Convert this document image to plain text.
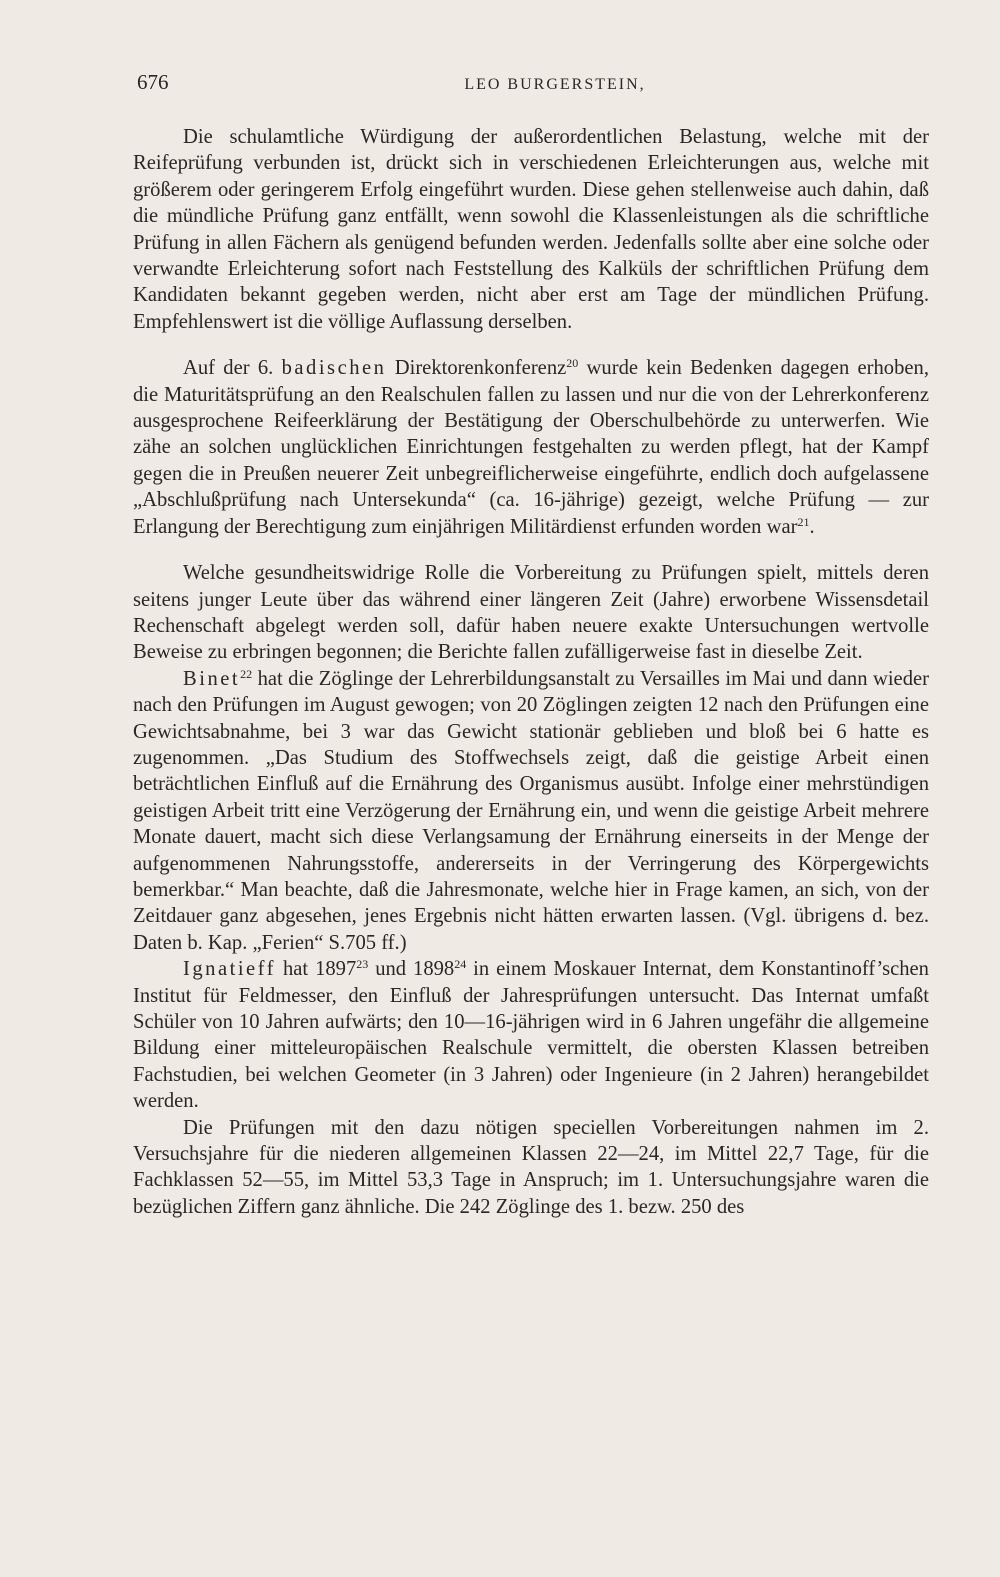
676	LEO BURGERSTEIN,

Die schulamtliche Würdigung der außerordentlichen Belastung, welche mit der Reifeprüfung verbunden ist, drückt sich in verschiedenen Erleichterungen aus, welche mit größerem oder geringerem Erfolg eingeführt wurden. Diese gehen stellenweise auch dahin, daß die mündliche Prüfung ganz entfällt, wenn sowohl die Klassenleistungen als die schriftliche Prüfung in allen Fächern als genügend befunden werden. Jedenfalls sollte aber eine solche oder verwandte Erleichterung sofort nach Feststellung des Kalküls der schriftlichen Prüfung dem Kandidaten bekannt gegeben werden, nicht aber erst am Tage der mündlichen Prüfung. Empfehlenswert ist die völlige Auflassung derselben.

Auf der 6. badischen Direktorenkonferenz$^{20}$ wurde kein Bedenken dagegen erhoben, die Maturitätsprüfung an den Realschulen fallen zu lassen und nur die von der Lehrerkonferenz ausgesprochene Reifeerklärung der Bestätigung der Oberschulbehörde zu unterwerfen. Wie zähe an solchen unglücklichen Einrichtungen festgehalten zu werden pflegt, hat der Kampf gegen die in Preußen neuerer Zeit unbegreiflicherweise eingeführte, endlich doch aufgelassene „Abschlußprüfung nach Untersekunda“ (ca. 16-jährige) gezeigt, welche Prüfung — zur Erlangung der Berechtigung zum einjährigen Militärdienst erfunden worden war$^{21}$.

Welche gesundheitswidrige Rolle die Vorbereitung zu Prüfungen spielt, mittels deren seitens junger Leute über das während einer längeren Zeit (Jahre) erworbene Wissensdetail Rechenschaft abgelegt werden soll, dafür haben neuere exakte Untersuchungen wertvolle Beweise zu erbringen begonnen; die Berichte fallen zufälligerweise fast in dieselbe Zeit.

Binet$^{22}$ hat die Zöglinge der Lehrerbildungsanstalt zu Versailles im Mai und dann wieder nach den Prüfungen im August gewogen; von 20 Zöglingen zeigten 12 nach den Prüfungen eine Gewichtsabnahme, bei 3 war das Gewicht stationär geblieben und bloß bei 6 hatte es zugenommen. „Das Studium des Stoffwechsels zeigt, daß die geistige Arbeit einen beträchtlichen Einfluß auf die Ernährung des Organismus ausübt. Infolge einer mehrstündigen geistigen Arbeit tritt eine Verzögerung der Ernährung ein, und wenn die geistige Arbeit mehrere Monate dauert, macht sich diese Verlangsamung der Ernährung einerseits in der Menge der aufgenommenen Nahrungsstoffe, andererseits in der Verringerung des Körpergewichts bemerkbar.“ Man beachte, daß die Jahresmonate, welche hier in Frage kamen, an sich, von der Zeitdauer ganz abgesehen, jenes Ergebnis nicht hätten erwarten lassen. (Vgl. übrigens d. bez. Daten b. Kap. „Ferien“ S.705 ff.)

Ignatieff hat 1897$^{23}$ und 1898$^{24}$ in einem Moskauer Internat, dem Konstantinoff’schen Institut für Feldmesser, den Einfluß der Jahresprüfungen untersucht. Das Internat umfaßt Schüler von 10 Jahren aufwärts; den 10—16-jährigen wird in 6 Jahren ungefähr die allgemeine Bildung einer mitteleuropäischen Realschule vermittelt, die obersten Klassen betreiben Fachstudien, bei welchen Geometer (in 3 Jahren) oder Ingenieure (in 2 Jahren) herangebildet werden.

Die Prüfungen mit den dazu nötigen speciellen Vorbereitungen nahmen im 2. Versuchsjahre für die niederen allgemeinen Klassen 22—24, im Mittel 22,7 Tage, für die Fachklassen 52—55, im Mittel 53,3 Tage in Anspruch; im 1. Untersuchungsjahre waren die bezüglichen Ziffern ganz ähnliche. Die 242 Zöglinge des 1. bezw. 250 des
